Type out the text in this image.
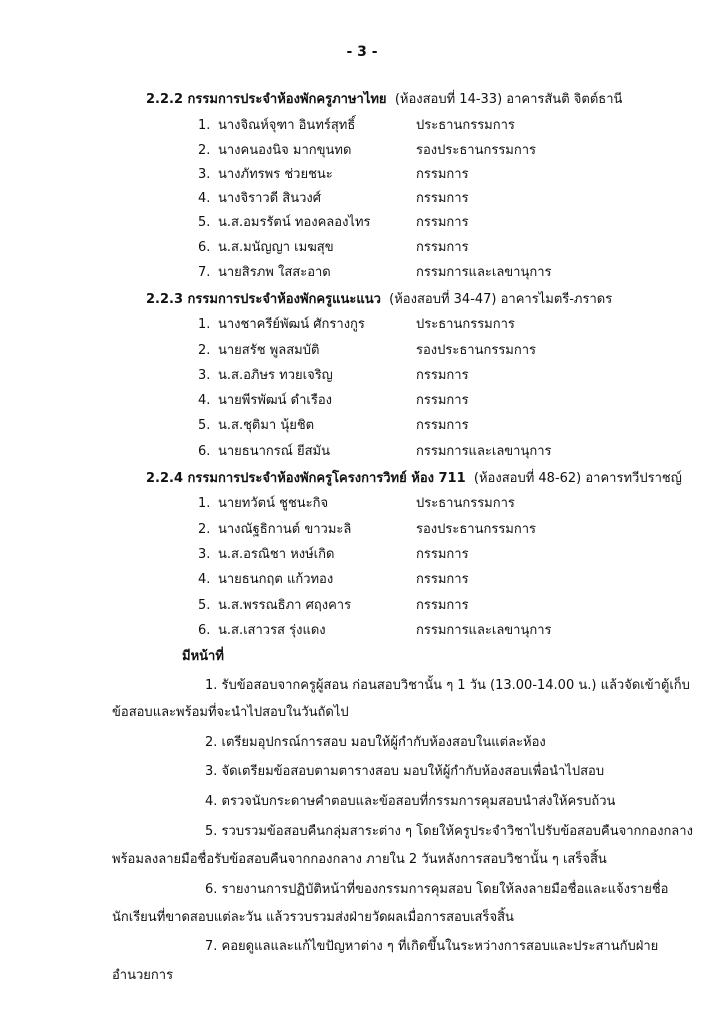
- 3 -
2.2.2 กรรมการประจำห้องพักครูภาษาไทย (ห้องสอบที่ 14-33) อาคารสันติ จิตต์ธานี
1. นางจิณห์จุฑา อินทร์สุทธิ์	ประธานกรรมการ
2. นางคนองนิจ มากขุนทด	รองประธานกรรมการ
3. นางภัทรพร ช่วยชนะ	กรรมการ
4. นางจิราวดี สินวงศ์	กรรมการ
5. น.ส.อมรรัตน์ ทองคลองไทร	กรรมการ
6. น.ส.มนัญญา เมฆสุข	กรรมการ
7. นายสิรภพ ใสสะอาด	กรรมการและเลขานุการ
2.2.3 กรรมการประจำห้องพักครูแนะแนว (ห้องสอบที่ 34-47) อาคารไมตรี-ภราดร
1. นางชาครีย์พัฒน์ ศักรางกูร	ประธานกรรมการ
2. นายสรัช พูลสมบัติ	รองประธานกรรมการ
3. น.ส.อภิษร ทวยเจริญ	กรรมการ
4. นายพีรพัฒน์ ดำเรือง	กรรมการ
5. น.ส.ชุติมา นุ้ยชิต	กรรมการ
6. นายธนากรณ์ ยีสมัน	กรรมการและเลขานุการ
2.2.4 กรรมการประจำห้องพักครูโครงการวิทย์ ห้อง 711 (ห้องสอบที่ 48-62) อาคารทวีปราชญ์
1. นายทวัตน์ ชูชนะกิจ	ประธานกรรมการ
2. นางณัฐธิกานต์ ขาวมะลิ	รองประธานกรรมการ
3. น.ส.อรณิชา หงษ์เกิด	กรรมการ
4. นายธนกฤต แก้วทอง	กรรมการ
5. น.ส.พรรณธิภา ศฤงคาร	กรรมการ
6. น.ส.เสาวรส รุ่งแดง	กรรมการและเลขานุการ
มีหน้าที่
1. รับข้อสอบจากครูผู้สอน ก่อนสอบวิชานั้น ๆ 1 วัน (13.00-14.00 น.) แล้วจัดเข้าตู้เก็บ
ข้อสอบและพร้อมที่จะนำไปสอบในวันถัดไป
2. เตรียมอุปกรณ์การสอบ มอบให้ผู้กำกับห้องสอบในแต่ละห้อง
3. จัดเตรียมข้อสอบตามตารางสอบ มอบให้ผู้กำกับห้องสอบเพื่อนำไปสอบ
4. ตรวจนับกระดาษคำตอบและข้อสอบที่กรรมการคุมสอบนำส่งให้ครบถ้วน
5. รวบรวมข้อสอบคืนกลุ่มสาระต่าง ๆ โดยให้ครูประจำวิชาไปรับข้อสอบคืนจากกองกลาง
พร้อมลงลายมือชื่อรับข้อสอบคืนจากกองกลาง ภายใน 2 วันหลังการสอบวิชานั้น ๆ เสร็จสิ้น
6. รายงานการปฏิบัติหน้าที่ของกรรมการคุมสอบ โดยให้ลงลายมือชื่อและแจ้งรายชื่อ
นักเรียนที่ขาดสอบแต่ละวัน แล้วรวบรวมส่งฝ่ายวัดผลเมื่อการสอบเสร็จสิ้น
7. คอยดูแลและแก้ไขปัญหาต่าง ๆ ที่เกิดขึ้นในระหว่างการสอบและประสานกับฝ่าย
อำนวยการ
